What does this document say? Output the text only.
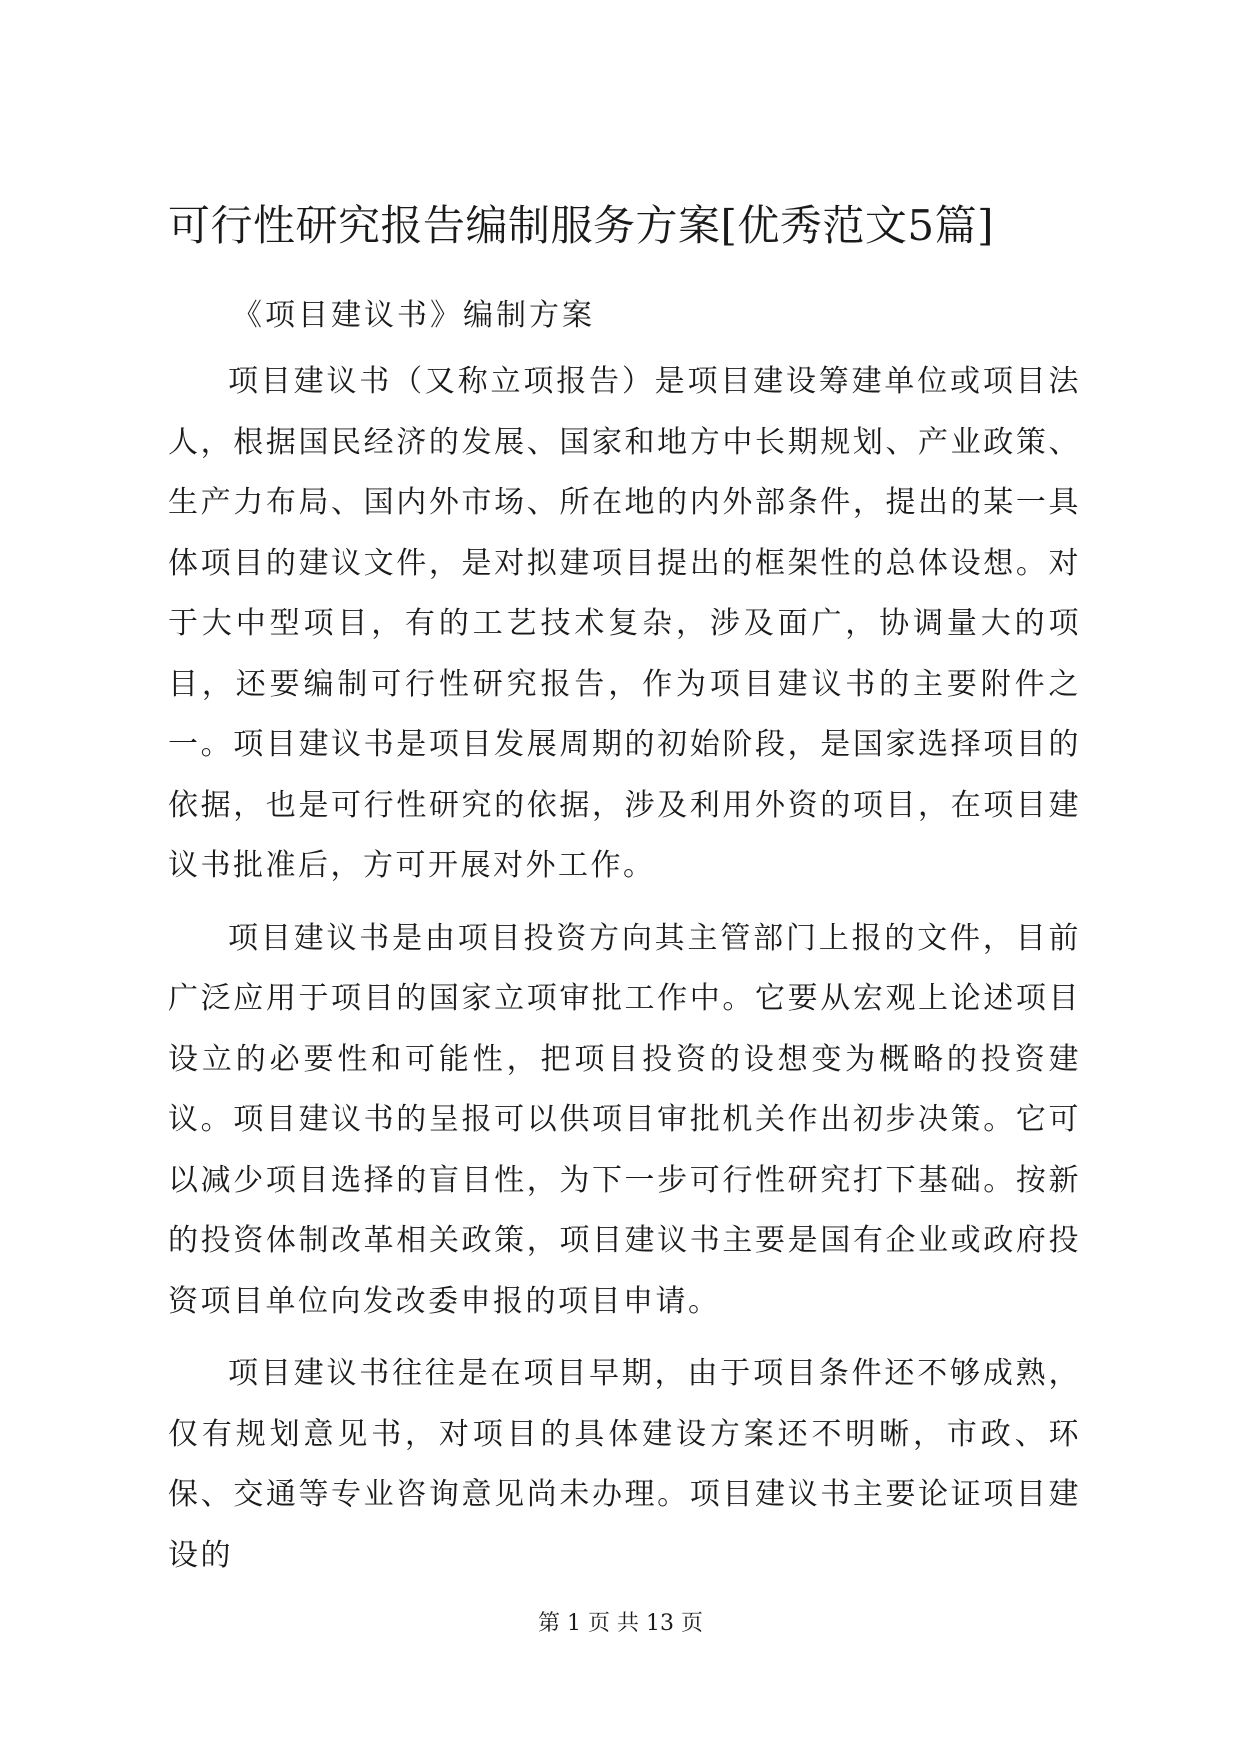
可行性研究报告编制服务方案[优秀范文5篇]

《项目建议书》编制方案

项目建议书（又称立项报告）是项目建设筹建单位或项目法人，根据国民经济的发展、国家和地方中长期规划、产业政策、生产力布局、国内外市场、所在地的内外部条件，提出的某一具体项目的建议文件，是对拟建项目提出的框架性的总体设想。对于大中型项目，有的工艺技术复杂，涉及面广，协调量大的项目，还要编制可行性研究报告，作为项目建议书的主要附件之一。项目建议书是项目发展周期的初始阶段，是国家选择项目的依据，也是可行性研究的依据，涉及利用外资的项目，在项目建议书批准后，方可开展对外工作。

项目建议书是由项目投资方向其主管部门上报的文件，目前广泛应用于项目的国家立项审批工作中。它要从宏观上论述项目设立的必要性和可能性，把项目投资的设想变为概略的投资建议。项目建议书的呈报可以供项目审批机关作出初步决策。它可以减少项目选择的盲目性，为下一步可行性研究打下基础。按新的投资体制改革相关政策，项目建议书主要是国有企业或政府投资项目单位向发改委申报的项目申请。

项目建议书往往是在项目早期，由于项目条件还不够成熟，仅有规划意见书，对项目的具体建设方案还不明晰，市政、环保、交通等专业咨询意见尚未办理。项目建议书主要论证项目建设的

第 1 页 共 13 页
